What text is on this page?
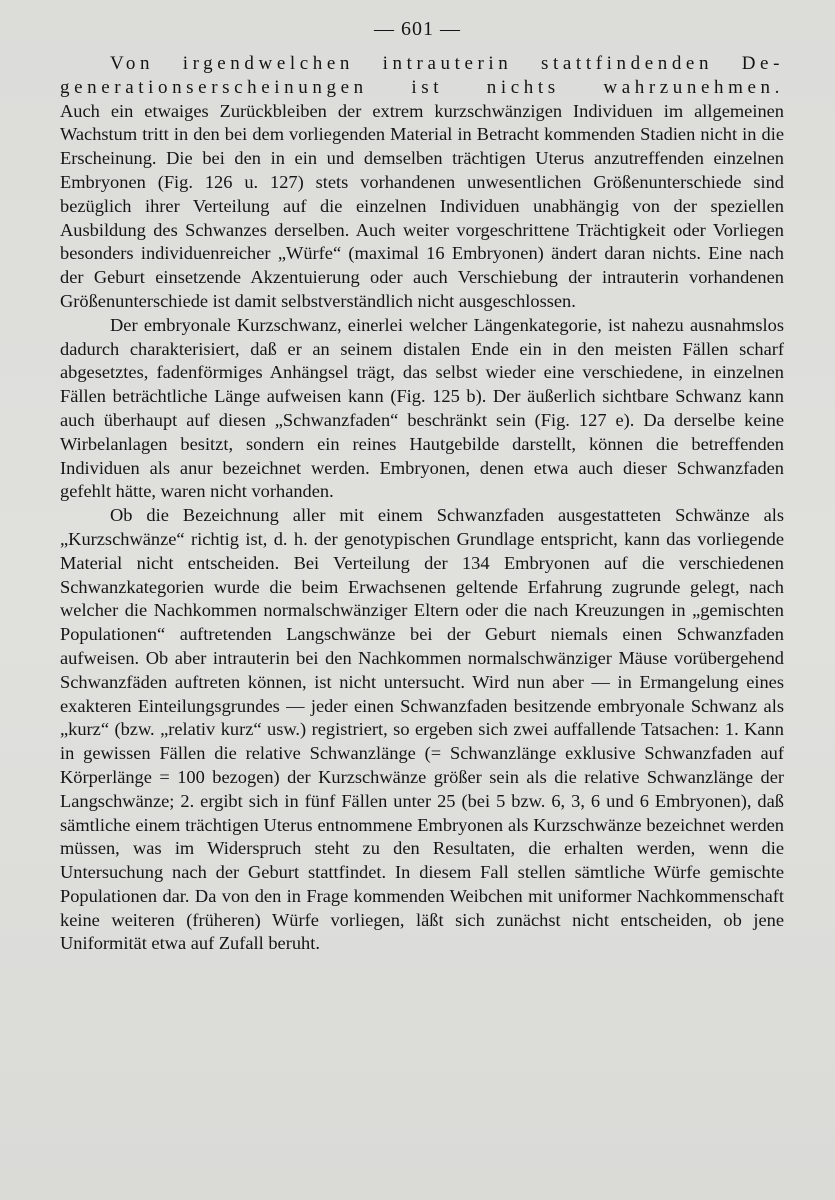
— 601 —

Von irgendwelchen intrauterin stattfindenden De-
generationserscheinungen ist nichts wahrzunehmen.
Auch ein etwaiges Zurückbleiben der extrem kurzschwänzigen Individuen im allgemeinen Wachstum tritt in den bei dem vorliegenden Material in Betracht kommenden Stadien nicht in die Erscheinung. Die bei den in ein und demselben trächtigen Uterus anzutreffenden einzelnen Embryonen (Fig. 126 u. 127) stets vorhandenen unwesentlichen Größenunterschiede sind bezüglich ihrer Verteilung auf die einzelnen Individuen unabhängig von der speziellen Ausbildung des Schwanzes derselben. Auch weiter vorgeschrittene Trächtigkeit oder Vorliegen besonders individuenreicher „Würfe“ (maximal 16 Embryonen) ändert daran nichts. Eine nach der Geburt einsetzende Akzentuierung oder auch Verschiebung der intrauterin vorhandenen Größenunterschiede ist damit selbstverständlich nicht ausgeschlossen.

Der embryonale Kurzschwanz, einerlei welcher Längenkategorie, ist nahezu ausnahmslos dadurch charakterisiert, daß er an seinem distalen Ende ein in den meisten Fällen scharf abgesetztes, fadenförmiges Anhängsel trägt, das selbst wieder eine verschiedene, in einzelnen Fällen beträchtliche Länge aufweisen kann (Fig. 125 b). Der äußerlich sichtbare Schwanz kann auch überhaupt auf diesen „Schwanzfaden“ beschränkt sein (Fig. 127 e). Da derselbe keine Wirbelanlagen besitzt, sondern ein reines Hautgebilde darstellt, können die betreffenden Individuen als anur bezeichnet werden. Embryonen, denen etwa auch dieser Schwanzfaden gefehlt hätte, waren nicht vorhanden.

Ob die Bezeichnung aller mit einem Schwanzfaden ausgestatteten Schwänze als „Kurzschwänze“ richtig ist, d. h. der genotypischen Grundlage entspricht, kann das vorliegende Material nicht entscheiden. Bei Verteilung der 134 Embryonen auf die verschiedenen Schwanzkategorien wurde die beim Erwachsenen geltende Erfahrung zugrunde gelegt, nach welcher die Nachkommen normalschwänziger Eltern oder die nach Kreuzungen in „gemischten Populationen“ auftretenden Langschwänze bei der Geburt niemals einen Schwanzfaden aufweisen. Ob aber intrauterin bei den Nachkommen normalschwänziger Mäuse vorübergehend Schwanzfäden auftreten können, ist nicht untersucht. Wird nun aber — in Ermangelung eines exakteren Einteilungsgrundes — jeder einen Schwanzfaden besitzende embryonale Schwanz als „kurz“ (bzw. „relativ kurz“ usw.) registriert, so ergeben sich zwei auffallende Tatsachen: 1. Kann in gewissen Fällen die relative Schwanzlänge (= Schwanzlänge exklusive Schwanzfaden auf Körperlänge = 100 bezogen) der Kurzschwänze größer sein als die relative Schwanzlänge der Langschwänze; 2. ergibt sich in fünf Fällen unter 25 (bei 5 bzw. 6, 3, 6 und 6 Embryonen), daß sämtliche einem trächtigen Uterus entnommene Embryonen als Kurzschwänze bezeichnet werden müssen, was im Widerspruch steht zu den Resultaten, die erhalten werden, wenn die Untersuchung nach der Geburt stattfindet. In diesem Fall stellen sämtliche Würfe gemischte Populationen dar. Da von den in Frage kommenden Weibchen mit uniformer Nachkommenschaft keine weiteren (früheren) Würfe vorliegen, läßt sich zunächst nicht entscheiden, ob jene Uniformität etwa auf Zufall beruht.
